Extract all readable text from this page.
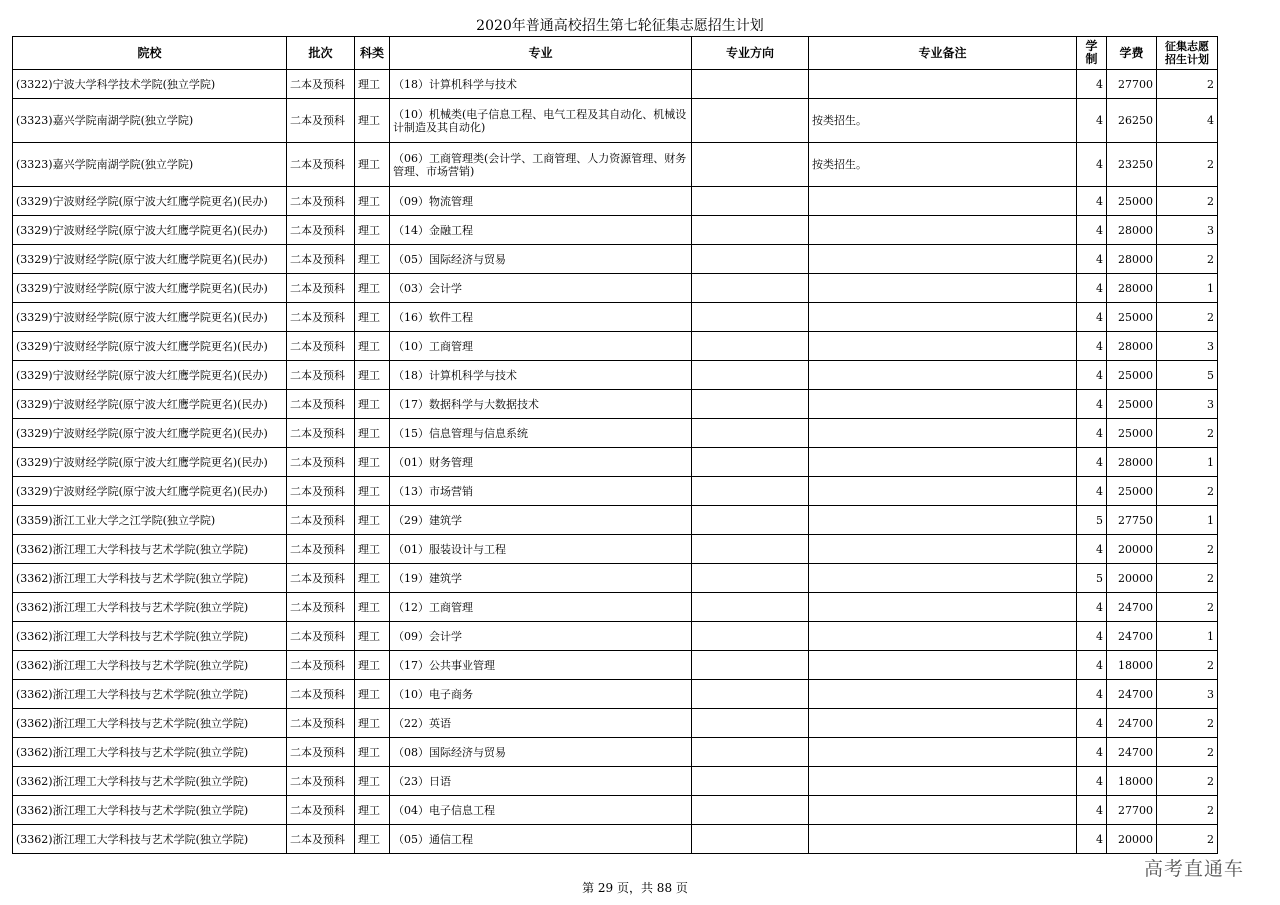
2020年普通高校招生第七轮征集志愿招生计划
院校	批次	科类	专业	专业方向	专业备注	学制	学费	征集志愿
招生计划

(3322)宁波大学科学技术学院(独立学院)	二本及预科	理工	（18）计算机科学与技术			4	27700	2
(3323)嘉兴学院南湖学院(独立学院)	二本及预科	理工	（10）机械类(电子信息工程、电气工程及其自动化、机械设计制造及其自动化)		按类招生。	4	26250	4
(3323)嘉兴学院南湖学院(独立学院)	二本及预科	理工	（06）工商管理类(会计学、工商管理、人力资源管理、财务管理、市场营销)		按类招生。	4	23250	2
(3329)宁波财经学院(原宁波大红鹰学院更名)(民办)	二本及预科	理工	（09）物流管理			4	25000	2
(3329)宁波财经学院(原宁波大红鹰学院更名)(民办)	二本及预科	理工	（14）金融工程			4	28000	3
(3329)宁波财经学院(原宁波大红鹰学院更名)(民办)	二本及预科	理工	（05）国际经济与贸易			4	28000	2
(3329)宁波财经学院(原宁波大红鹰学院更名)(民办)	二本及预科	理工	（03）会计学			4	28000	1
(3329)宁波财经学院(原宁波大红鹰学院更名)(民办)	二本及预科	理工	（16）软件工程			4	25000	2
(3329)宁波财经学院(原宁波大红鹰学院更名)(民办)	二本及预科	理工	（10）工商管理			4	28000	3
(3329)宁波财经学院(原宁波大红鹰学院更名)(民办)	二本及预科	理工	（18）计算机科学与技术			4	25000	5
(3329)宁波财经学院(原宁波大红鹰学院更名)(民办)	二本及预科	理工	（17）数据科学与大数据技术			4	25000	3
(3329)宁波财经学院(原宁波大红鹰学院更名)(民办)	二本及预科	理工	（15）信息管理与信息系统			4	25000	2
(3329)宁波财经学院(原宁波大红鹰学院更名)(民办)	二本及预科	理工	（01）财务管理			4	28000	1
(3329)宁波财经学院(原宁波大红鹰学院更名)(民办)	二本及预科	理工	（13）市场营销			4	25000	2
(3359)浙江工业大学之江学院(独立学院)	二本及预科	理工	（29）建筑学			5	27750	1
(3362)浙江理工大学科技与艺术学院(独立学院)	二本及预科	理工	（01）服装设计与工程			4	20000	2
(3362)浙江理工大学科技与艺术学院(独立学院)	二本及预科	理工	（19）建筑学			5	20000	2
(3362)浙江理工大学科技与艺术学院(独立学院)	二本及预科	理工	（12）工商管理			4	24700	2
(3362)浙江理工大学科技与艺术学院(独立学院)	二本及预科	理工	（09）会计学			4	24700	1
(3362)浙江理工大学科技与艺术学院(独立学院)	二本及预科	理工	（17）公共事业管理			4	18000	2
(3362)浙江理工大学科技与艺术学院(独立学院)	二本及预科	理工	（10）电子商务			4	24700	3
(3362)浙江理工大学科技与艺术学院(独立学院)	二本及预科	理工	（22）英语			4	24700	2
(3362)浙江理工大学科技与艺术学院(独立学院)	二本及预科	理工	（08）国际经济与贸易			4	24700	2
(3362)浙江理工大学科技与艺术学院(独立学院)	二本及预科	理工	（23）日语			4	18000	2
(3362)浙江理工大学科技与艺术学院(独立学院)	二本及预科	理工	（04）电子信息工程			4	27700	2
(3362)浙江理工大学科技与艺术学院(独立学院)	二本及预科	理工	（05）通信工程			4	20000	2
第 29 页，共 88 页
高考直通车
